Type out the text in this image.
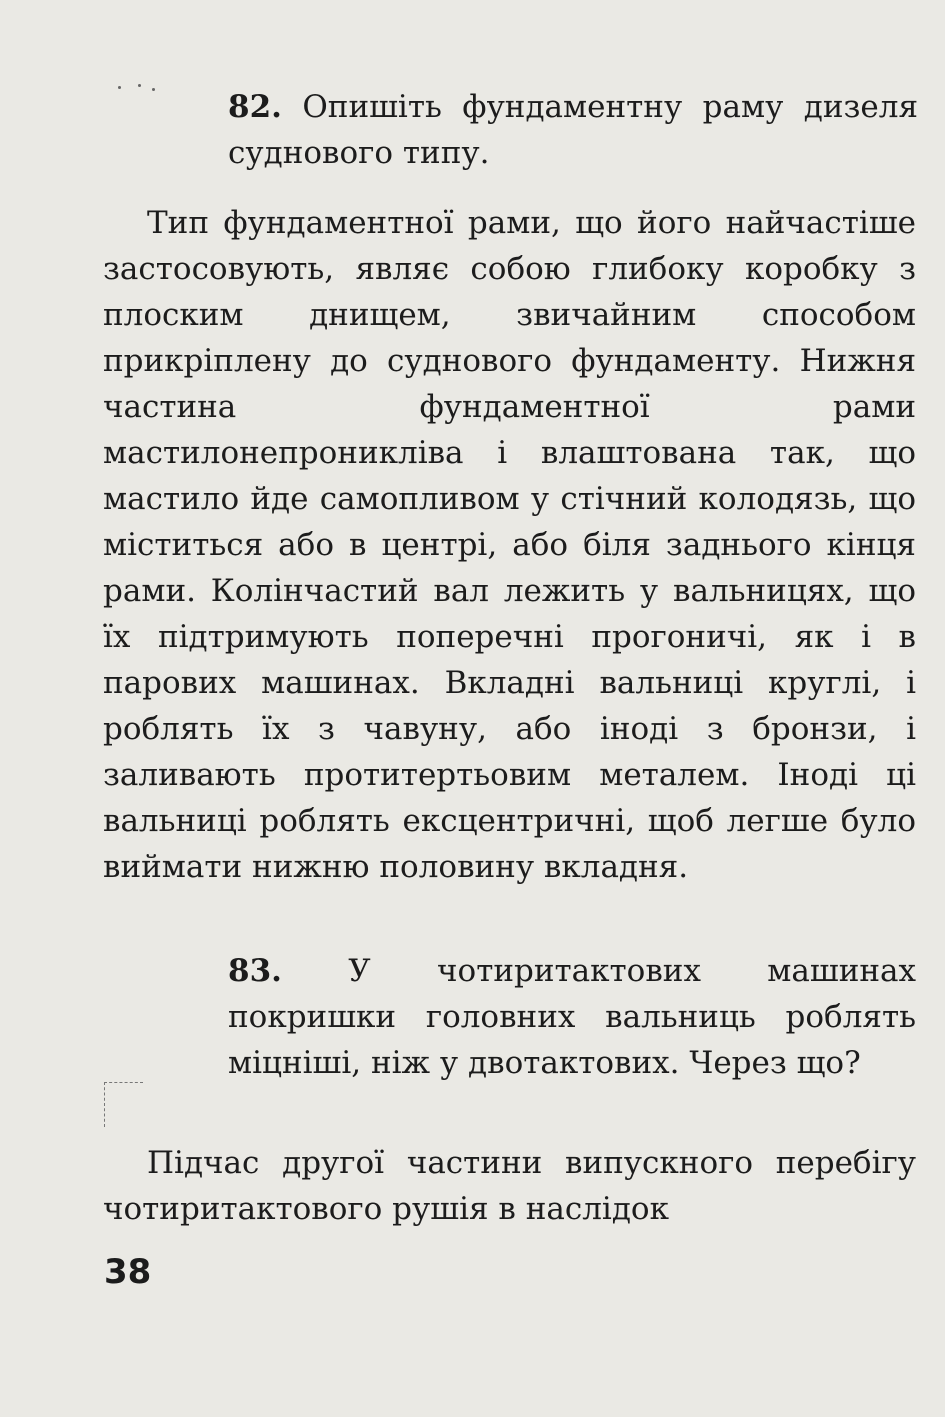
82. Опишіть фундаментну раму дизеля суднового типу.

Тип фундаментної рами, що його найчастіше застосовують, являє собою глибоку коробку з плоским днищем, звичайним способом прикріплену до суднового фундаменту. Нижня частина фундаментної рами мастилонепроникліва і влаштована так, що мастило йде самопливом у стічний колодязь, що міститься або в центрі, або біля заднього кінця рами. Колінчастий вал лежить у вальницях, що їх підтримують поперечні прогоничі, як і в парових машинах. Вкладні вальниці круглі, і роблять їх з чавуну, або іноді з бронзи, і заливають протитертьовим металем. Іноді ці вальниці роблять ексцентричні, щоб легше було виймати нижню половину вкладня.

83. У чотиритактових машинах покришки головних вальниць роблять міцніші, ніж у двотактових. Через що?

Підчас другої частини випускного перебігу чотиритактового рушія в наслідок

38
